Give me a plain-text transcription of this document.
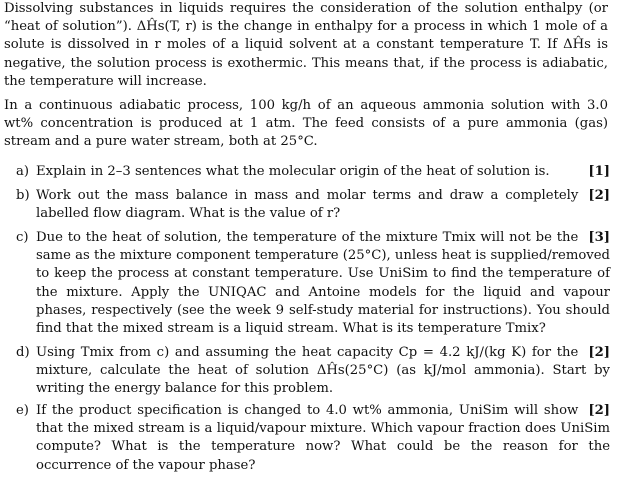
Dissolving substances in liquids requires the consideration of the solution enthalpy (or “heat of solution”). ΔĤs(T, r) is the change in enthalpy for a process in which 1 mole of a solute is dissolved in r moles of a liquid solvent at a constant temperature T. If ΔĤs is negative, the solution process is exothermic. This means that, if the process is adiabatic, the temperature will increase.
In a continuous adiabatic process, 100 kg/h of an aqueous ammonia solution with 3.0 wt% concentration is produced at 1 atm. The feed consists of a pure ammonia (gas) stream and a pure water stream, both at 25°C.
a)	[1]
Explain in 2–3 sentences what the molecular origin of the heat of solution is.
b)	[2]
Work out the mass balance in mass and molar terms and draw a completely labelled flow diagram. What is the value of r?
c)	[3]
Due to the heat of solution, the temperature of the mixture Tmix will not be the same as the mixture component temperature (25°C), unless heat is supplied/removed to keep the process at constant temperature. Use UniSim to find the temperature of the mixture. Apply the UNIQAC and Antoine models for the liquid and vapour phases, respectively (see the week 9 self-study material for instructions). You should find that the mixed stream is a liquid stream. What is its temperature Tmix?
d)	[2]
Using Tmix from c) and assuming the heat capacity Cp = 4.2 kJ/(kg K) for the mixture, calculate the heat of solution ΔĤs(25°C) (as kJ/mol ammonia). Start by writing the energy balance for this problem.
e)	[2]
If the product specification is changed to 4.0 wt% ammonia, UniSim will show that the mixed stream is a liquid/vapour mixture. Which vapour fraction does UniSim compute? What is the temperature now? What could be the reason for the occurrence of the vapour phase?
